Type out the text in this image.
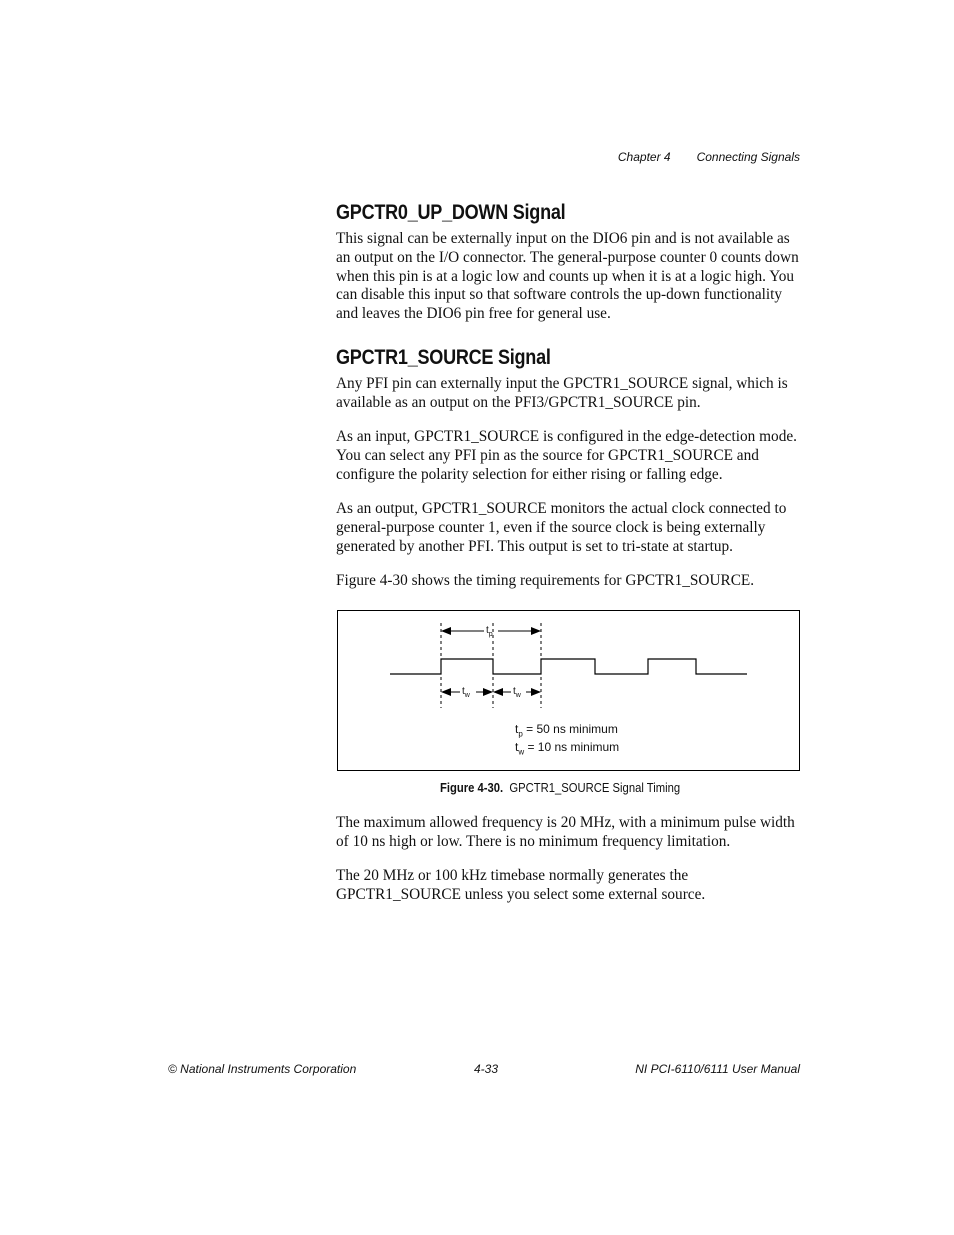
Chapter 4 Connecting Signals
GPCTR0_UP_DOWN Signal

This signal can be externally input on the DIO6 pin and is not available as an output on the I/O connector. The general-purpose counter 0 counts down when this pin is at a logic low and counts up when it is at a logic high. You can disable this input so that software controls the up-down functionality and leaves the DIO6 pin free for general use.

GPCTR1_SOURCE Signal

Any PFI pin can externally input the GPCTR1_SOURCE signal, which is available as an output on the PFI3/GPCTR1_SOURCE pin.

As an input, GPCTR1_SOURCE is configured in the edge-detection mode. You can select any PFI pin as the source for GPCTR1_SOURCE and configure the polarity selection for either rising or falling edge.

As an output, GPCTR1_SOURCE monitors the actual clock connected to general-purpose counter 1, even if the source clock is being externally generated by another PFI. This output is set to tri-state at startup.

Figure 4-30 shows the timing requirements for GPCTR1_SOURCE.

The maximum allowed frequency is 20 MHz, with a minimum pulse width of 10 ns high or low. There is no minimum frequency limitation.

The 20 MHz or 100 kHz timebase normally generates the GPCTR1_SOURCE unless you select some external source.

$t_p$
$t_w$	$t_w$
$t_p = 50$ ns minimum
$t_w = 10$ ns minimum
Figure 4-30. GPCTR1_SOURCE Signal Timing
© National Instruments Corporation	4-33	NI PCI-6110/6111 User Manual
